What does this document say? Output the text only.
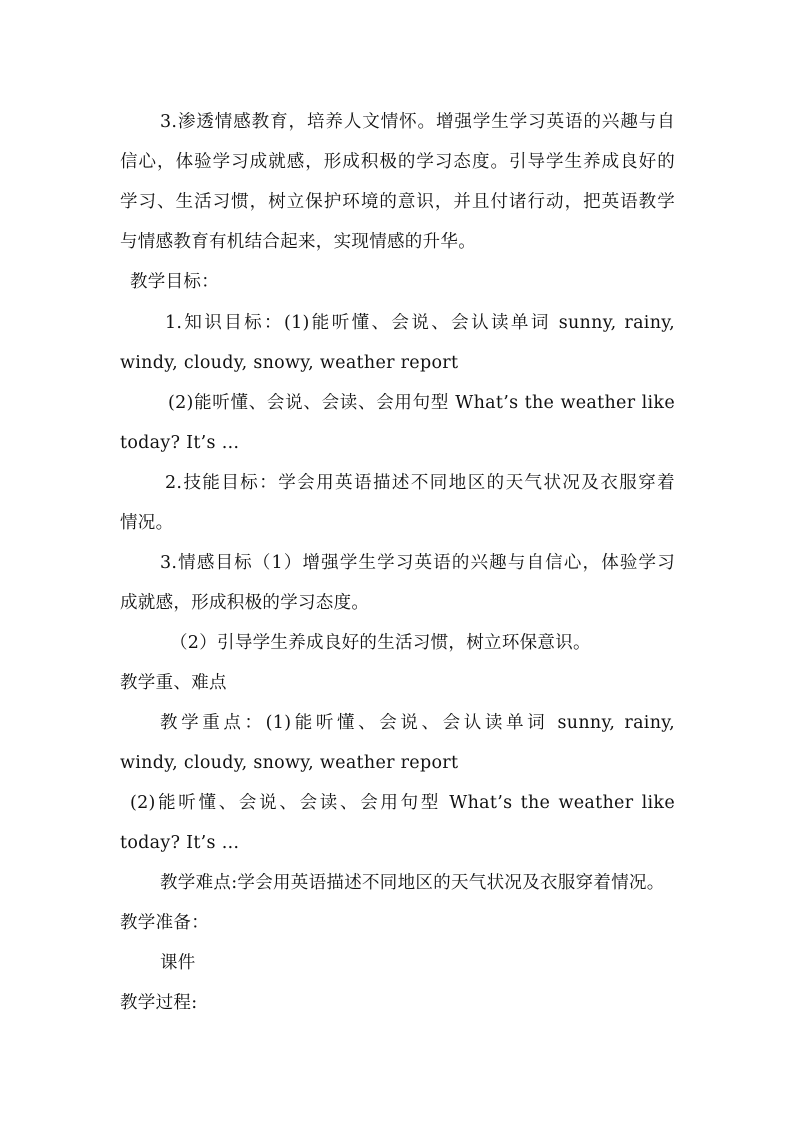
3.渗透情感教育，培养人文情怀。增强学生学习英语的兴趣与自
信心，体验学习成就感，形成积极的学习态度。引导学生养成良好的
学习、生活习惯，树立保护环境的意识，并且付诸行动，把英语教学
与情感教育有机结合起来，实现情感的升华。
教学目标：
1.知识目标：(1)能听懂、会说、会认读单词 sunny, rainy,
windy, cloudy, snowy, weather report
(2)能听懂、会说、会读、会用句型 What’s the weather like
today? It’s …
2.技能目标：学会用英语描述不同地区的天气状况及衣服穿着
情况。
3.情感目标（1）增强学生学习英语的兴趣与自信心，体验学习
成就感，形成积极的学习态度。
（2）引导学生养成良好的生活习惯，树立环保意识。
教学重、难点
教学重点：(1)能听懂、会说、会认读单词 sunny, rainy,
windy, cloudy, snowy, weather report
(2)能听懂、会说、会读、会用句型 What’s the weather like
today? It’s …
教学难点:学会用英语描述不同地区的天气状况及衣服穿着情况。
教学准备：
课件
教学过程:
